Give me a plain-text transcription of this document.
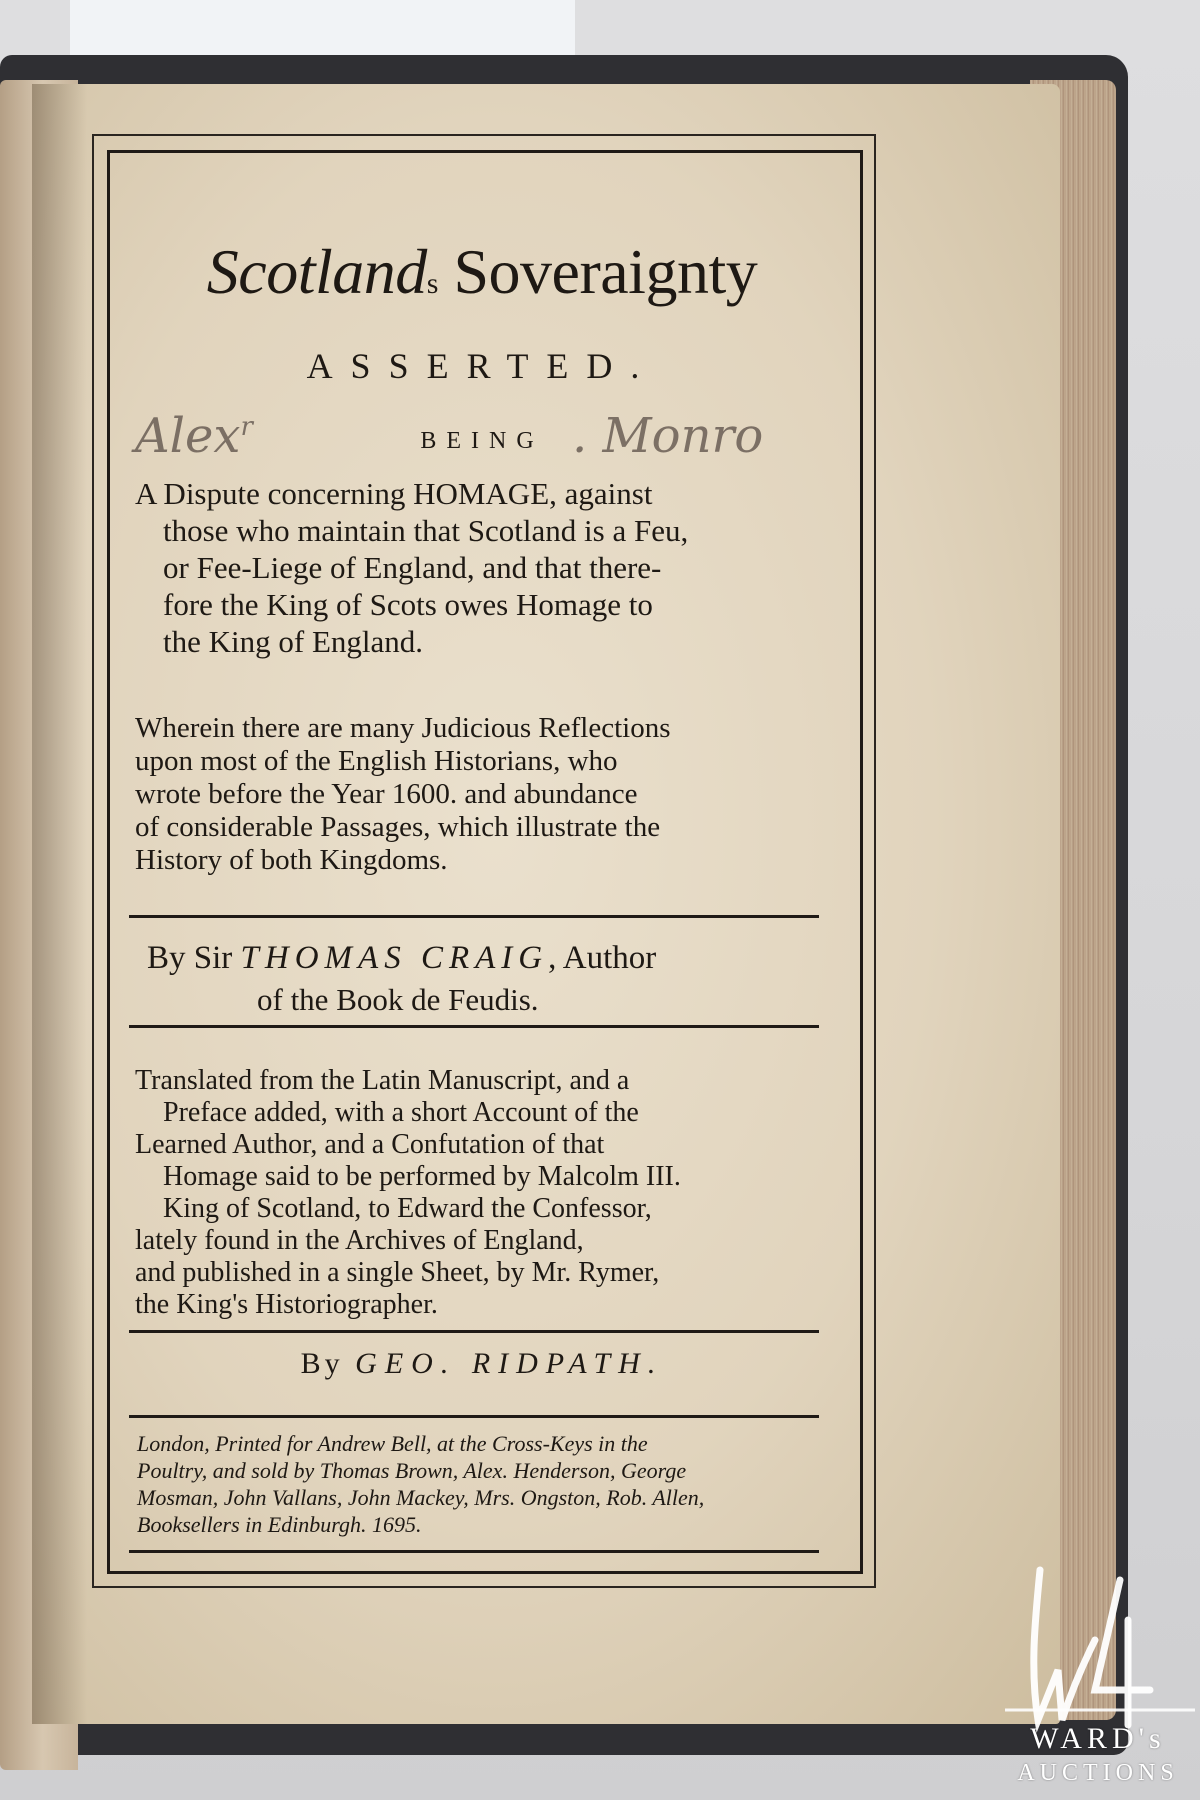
Scotlands Soveraignty
ASSERTED.
Alex$^r$	BEING . Monro
A Dispute concerning HOMAGE, against
those who maintain that Scotland is a Feu,
or Fee-Liege of England, and that there-
fore the King of Scots owes Homage to
the King of England.
Wherein there are many Judicious Reflections
upon most of the English Historians, who
wrote before the Year 1600. and abundance
of considerable Passages, which illustrate the
History of both Kingdoms.
By Sir THOMAS CRAIG, Author
of the Book de Feudis.
Translated from the Latin Manuscript, and a
Preface added, with a short Account of the
Learned Author, and a Confutation of that
Homage said to be performed by Malcolm III.
King of Scotland, to Edward the Confessor,
lately found in the Archives of England,
and published in a single Sheet, by Mr. Rymer,
the King's Historiographer.
By GEO. RIDPATH.
London, Printed for Andrew Bell, at the Cross-Keys in the
Poultry, and sold by Thomas Brown, Alex. Henderson, George
Mosman, John Vallans, John Mackey, Mrs. Ongston, Rob. Allen,
Booksellers in Edinburgh. 1695.
WARD's
AUCTIONS
